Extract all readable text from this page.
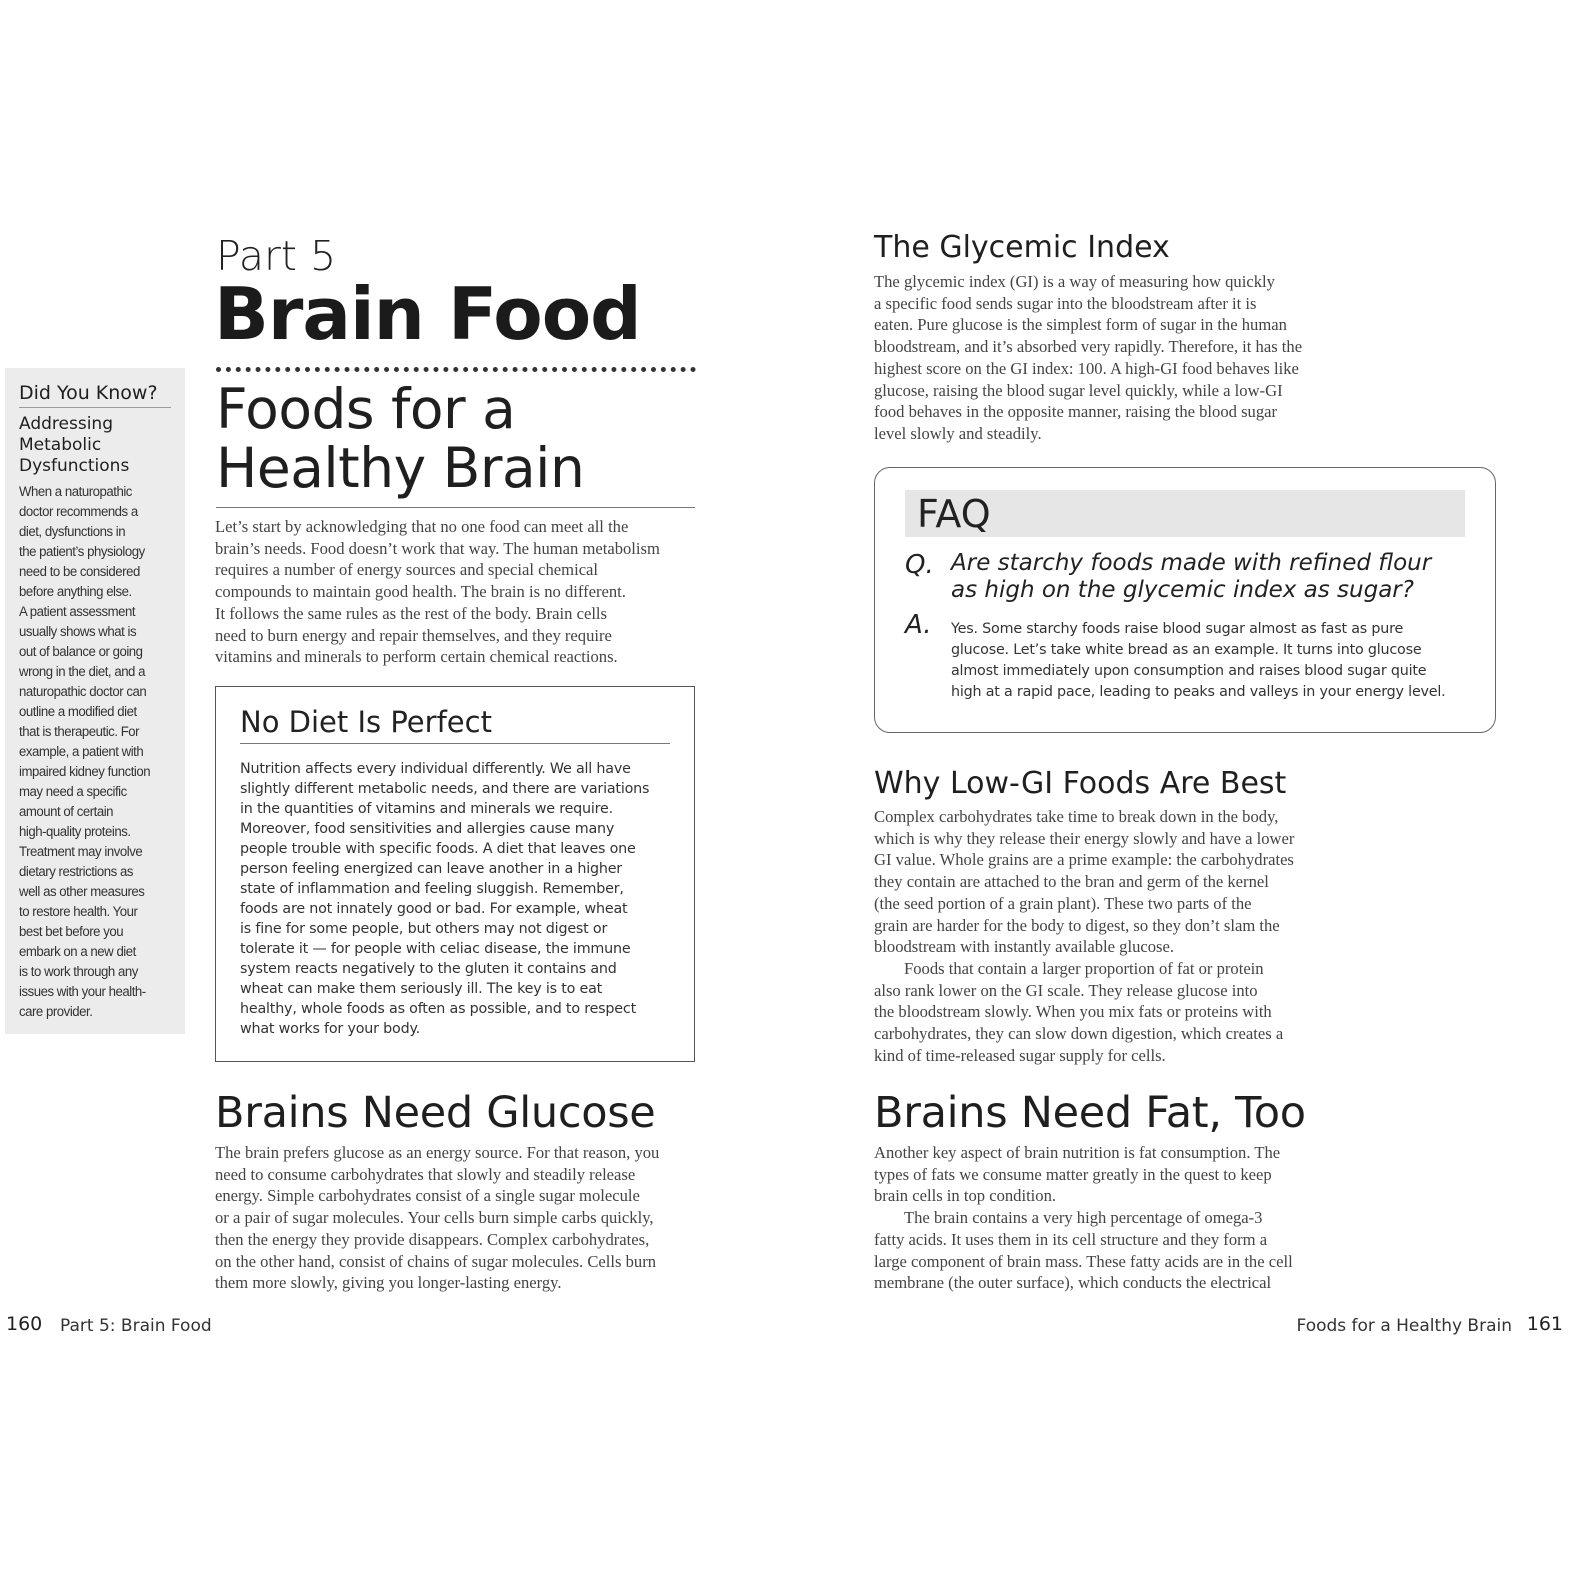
Did You Know?
Addressing
Metabolic
Dysfunctions
When a naturopathic
doctor recommends a
diet, dysfunctions in
the patient’s physiology
need to be considered
before anything else.
A patient assessment
usually shows what is
out of balance or going
wrong in the diet, and a
naturopathic doctor can
outline a modified diet
that is therapeutic. For
example, a patient with
impaired kidney function
may need a specific
amount of certain
high-quality proteins.
Treatment may involve
dietary restrictions as
well as other measures
to restore health. Your
best bet before you
embark on a new diet
is to work through any
issues with your health-
care provider.
Part 5
Brain Food
Foods for a
Healthy Brain
Let’s start by acknowledging that no one food can meet all the
brain’s needs. Food doesn’t work that way. The human metabolism
requires a number of energy sources and special chemical
compounds to maintain good health. The brain is no different.
It follows the same rules as the rest of the body. Brain cells
need to burn energy and repair themselves, and they require
vitamins and minerals to perform certain chemical reactions.
No Diet Is Perfect
Nutrition affects every individual differently. We all have
slightly different metabolic needs, and there are variations
in the quantities of vitamins and minerals we require.
Moreover, food sensitivities and allergies cause many
people trouble with specific foods. A diet that leaves one
person feeling energized can leave another in a higher
state of inflammation and feeling sluggish. Remember,
foods are not innately good or bad. For example, wheat
is fine for some people, but others may not digest or
tolerate it — for people with celiac disease, the immune
system reacts negatively to the gluten it contains and
wheat can make them seriously ill. The key is to eat
healthy, whole foods as often as possible, and to respect
what works for your body.
Brains Need Glucose
The brain prefers glucose as an energy source. For that reason, you
need to consume carbohydrates that slowly and steadily release
energy. Simple carbohydrates consist of a single sugar molecule
or a pair of sugar molecules. Your cells burn simple carbs quickly,
then the energy they provide disappears. Complex carbohydrates,
on the other hand, consist of chains of sugar molecules. Cells burn
them more slowly, giving you longer-lasting energy.
The Glycemic Index
The glycemic index (GI) is a way of measuring how quickly
a specific food sends sugar into the bloodstream after it is
eaten. Pure glucose is the simplest form of sugar in the human
bloodstream, and it’s absorbed very rapidly. Therefore, it has the
highest score on the GI index: 100. A high-GI food behaves like
glucose, raising the blood sugar level quickly, while a low-GI
food behaves in the opposite manner, raising the blood sugar
level slowly and steadily.
FAQ
Q. Are starchy foods made with refined flour
as high on the glycemic index as sugar?
A. Yes. Some starchy foods raise blood sugar almost as fast as pure
glucose. Let’s take white bread as an example. It turns into glucose
almost immediately upon consumption and raises blood sugar quite
high at a rapid pace, leading to peaks and valleys in your energy level.
Why Low-GI Foods Are Best
Complex carbohydrates take time to break down in the body,
which is why they release their energy slowly and have a lower
GI value. Whole grains are a prime example: the carbohydrates
they contain are attached to the bran and germ of the kernel
(the seed portion of a grain plant). These two parts of the
grain are harder for the body to digest, so they don’t slam the
bloodstream with instantly available glucose.
Foods that contain a larger proportion of fat or protein
also rank lower on the GI scale. They release glucose into
the bloodstream slowly. When you mix fats or proteins with
carbohydrates, they can slow down digestion, which creates a
kind of time-released sugar supply for cells.
Brains Need Fat, Too
Another key aspect of brain nutrition is fat consumption. The
types of fats we consume matter greatly in the quest to keep
brain cells in top condition.
The brain contains a very high percentage of omega-3
fatty acids. It uses them in its cell structure and they form a
large component of brain mass. These fatty acids are in the cell
membrane (the outer surface), which conducts the electrical
160 Part 5: Brain Food	Foods for a Healthy Brain 161
